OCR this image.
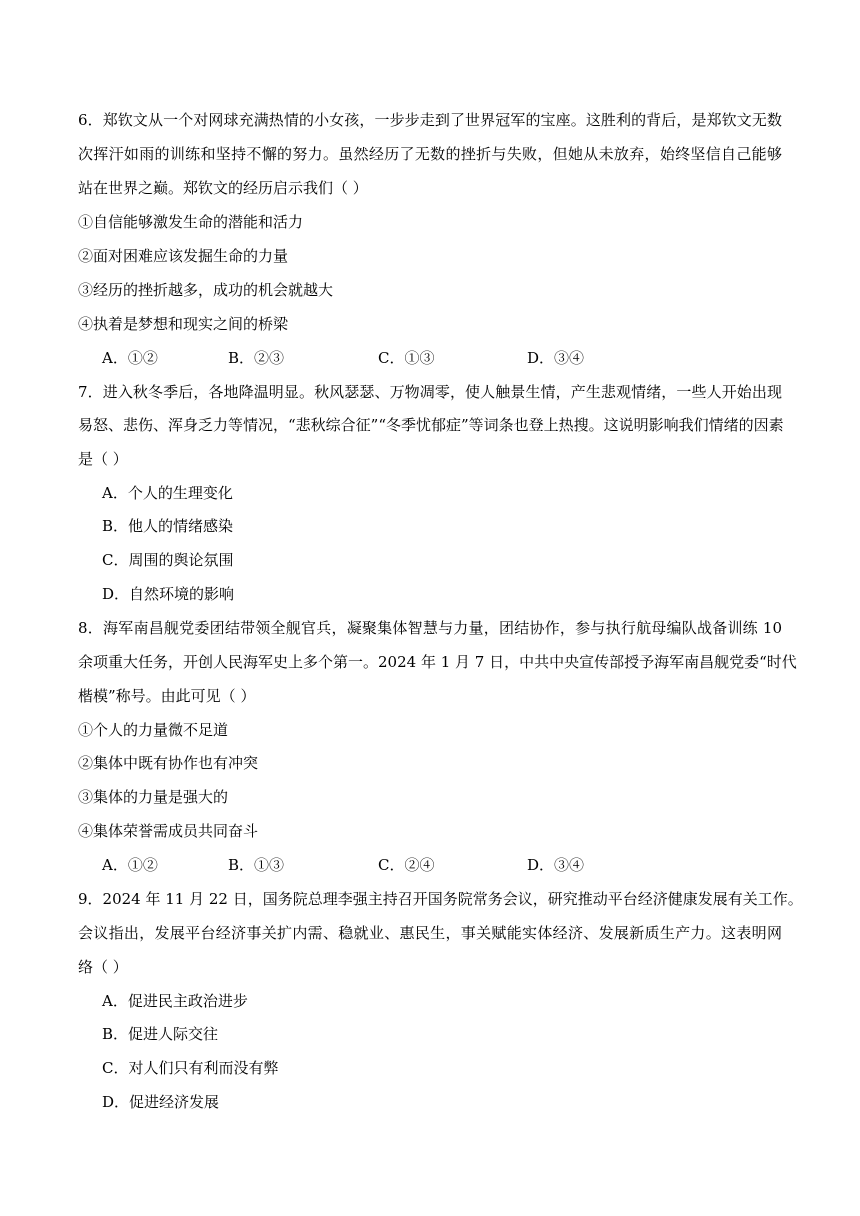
6．郑钦文从一个对网球充满热情的小女孩，一步步走到了世界冠军的宝座。这胜利的背后，是郑钦文无数
次挥汗如雨的训练和坚持不懈的努力。虽然经历了无数的挫折与失败，但她从未放弃，始终坚信自己能够
站在世界之巅。郑钦文的经历启示我们（ ）
①自信能够激发生命的潜能和活力
②面对困难应该发掘生命的力量
③经历的挫折越多，成功的机会就越大
④执着是梦想和现实之间的桥梁
A．①②	B．②③	C．①③	D．③④
7．进入秋冬季后，各地降温明显。秋风瑟瑟、万物凋零，使人触景生情，产生悲观情绪，一些人开始出现
易怒、悲伤、浑身乏力等情况，“悲秋综合征”“冬季忧郁症”等词条也登上热搜。这说明影响我们情绪的因素
是（ ）
A．个人的生理变化
B．他人的情绪感染
C．周围的舆论氛围
D．自然环境的影响
8．海军南昌舰党委团结带领全舰官兵，凝聚集体智慧与力量，团结协作，参与执行航母编队战备训练 10
余项重大任务，开创人民海军史上多个第一。2024 年 1 月 7 日，中共中央宣传部授予海军南昌舰党委“时代
楷模”称号。由此可见（ ）
①个人的力量微不足道
②集体中既有协作也有冲突
③集体的力量是强大的
④集体荣誉需成员共同奋斗
A．①②	B．①③	C．②④	D．③④
9．2024 年 11 月 22 日，国务院总理李强主持召开国务院常务会议，研究推动平台经济健康发展有关工作。
会议指出，发展平台经济事关扩内需、稳就业、惠民生，事关赋能实体经济、发展新质生产力。这表明网
络（ ）
A．促进民主政治进步
B．促进人际交往
C．对人们只有利而没有弊
D．促进经济发展
